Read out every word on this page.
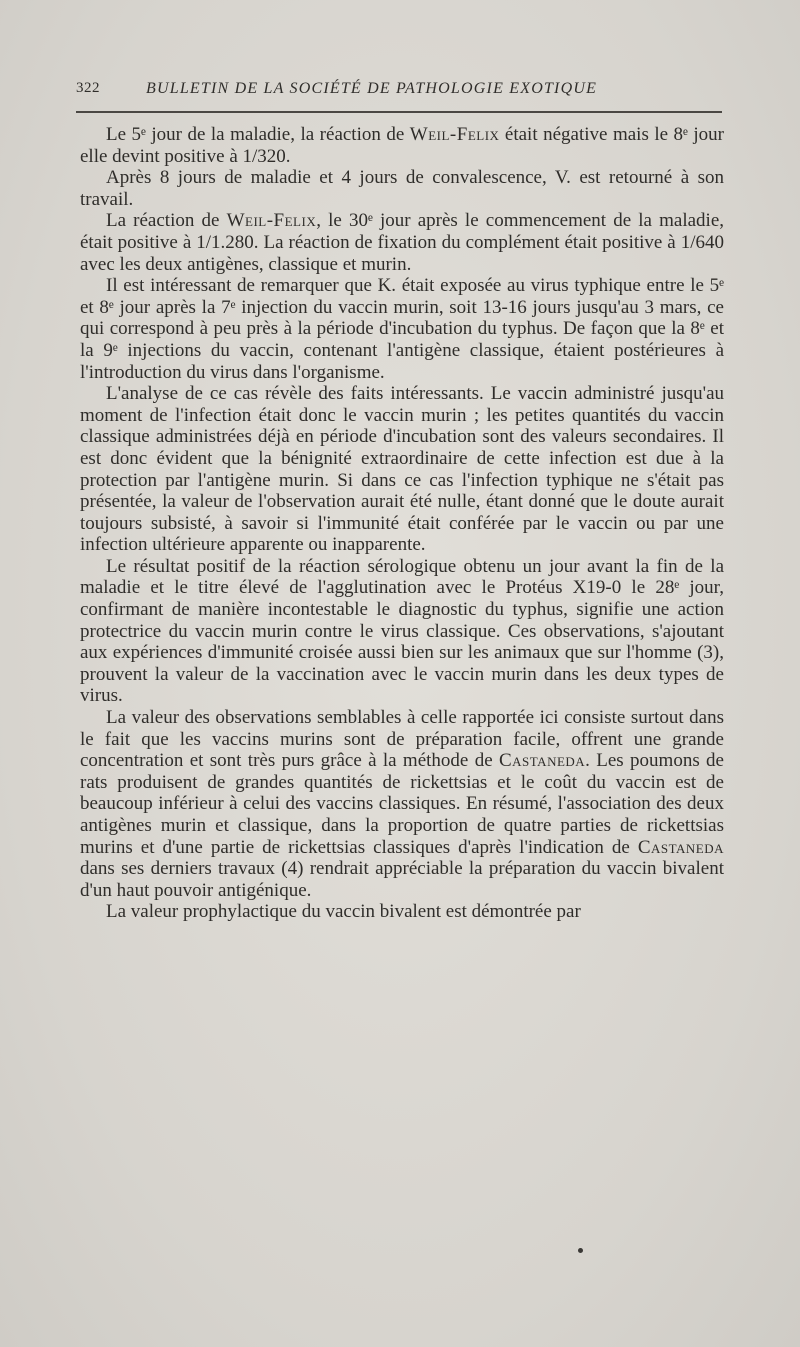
322	BULLETIN DE LA SOCIÉTÉ DE PATHOLOGIE EXOTIQUE

Le 5ᵉ jour de la maladie, la réaction de Weil-Felix était négative mais le 8ᵉ jour elle devint positive à 1/320.

Après 8 jours de maladie et 4 jours de convalescence, V. est retourné à son travail.

La réaction de Weil-Felix, le 30ᵉ jour après le commencement de la maladie, était positive à 1/1.280. La réaction de fixation du complément était positive à 1/640 avec les deux antigènes, classique et murin.

Il est intéressant de remarquer que K. était exposée au virus typhique entre le 5ᵉ et 8ᵉ jour après la 7ᵉ injection du vaccin murin, soit 13-16 jours jusqu'au 3 mars, ce qui correspond à peu près à la période d'incubation du typhus. De façon que la 8ᵉ et la 9ᵉ injections du vaccin, contenant l'antigène classique, étaient postérieures à l'introduction du virus dans l'organisme.

L'analyse de ce cas révèle des faits intéressants. Le vaccin administré jusqu'au moment de l'infection était donc le vaccin murin ; les petites quantités du vaccin classique administrées déjà en période d'incubation sont des valeurs secondaires. Il est donc évident que la bénignité extraordinaire de cette infection est due à la protection par l'antigène murin. Si dans ce cas l'infection typhique ne s'était pas présentée, la valeur de l'observation aurait été nulle, étant donné que le doute aurait toujours subsisté, à savoir si l'immunité était conférée par le vaccin ou par une infection ultérieure apparente ou inapparente.

Le résultat positif de la réaction sérologique obtenu un jour avant la fin de la maladie et le titre élevé de l'agglutination avec le Protéus X19-0 le 28ᵉ jour, confirmant de manière incontestable le diagnostic du typhus, signifie une action protectrice du vaccin murin contre le virus classique. Ces observations, s'ajoutant aux expériences d'immunité croisée aussi bien sur les animaux que sur l'homme (3), prouvent la valeur de la vaccination avec le vaccin murin dans les deux types de virus.

La valeur des observations semblables à celle rapportée ici consiste surtout dans le fait que les vaccins murins sont de préparation facile, offrent une grande concentration et sont très purs grâce à la méthode de Castaneda. Les poumons de rats produisent de grandes quantités de rickettsias et le coût du vaccin est de beaucoup inférieur à celui des vaccins classiques. En résumé, l'association des deux antigènes murin et classique, dans la proportion de quatre parties de rickettsias murins et d'une partie de rickettsias classiques d'après l'indication de Castaneda dans ses derniers travaux (4) rendrait appréciable la préparation du vaccin bivalent d'un haut pouvoir antigénique.

La valeur prophylactique du vaccin bivalent est démontrée par
